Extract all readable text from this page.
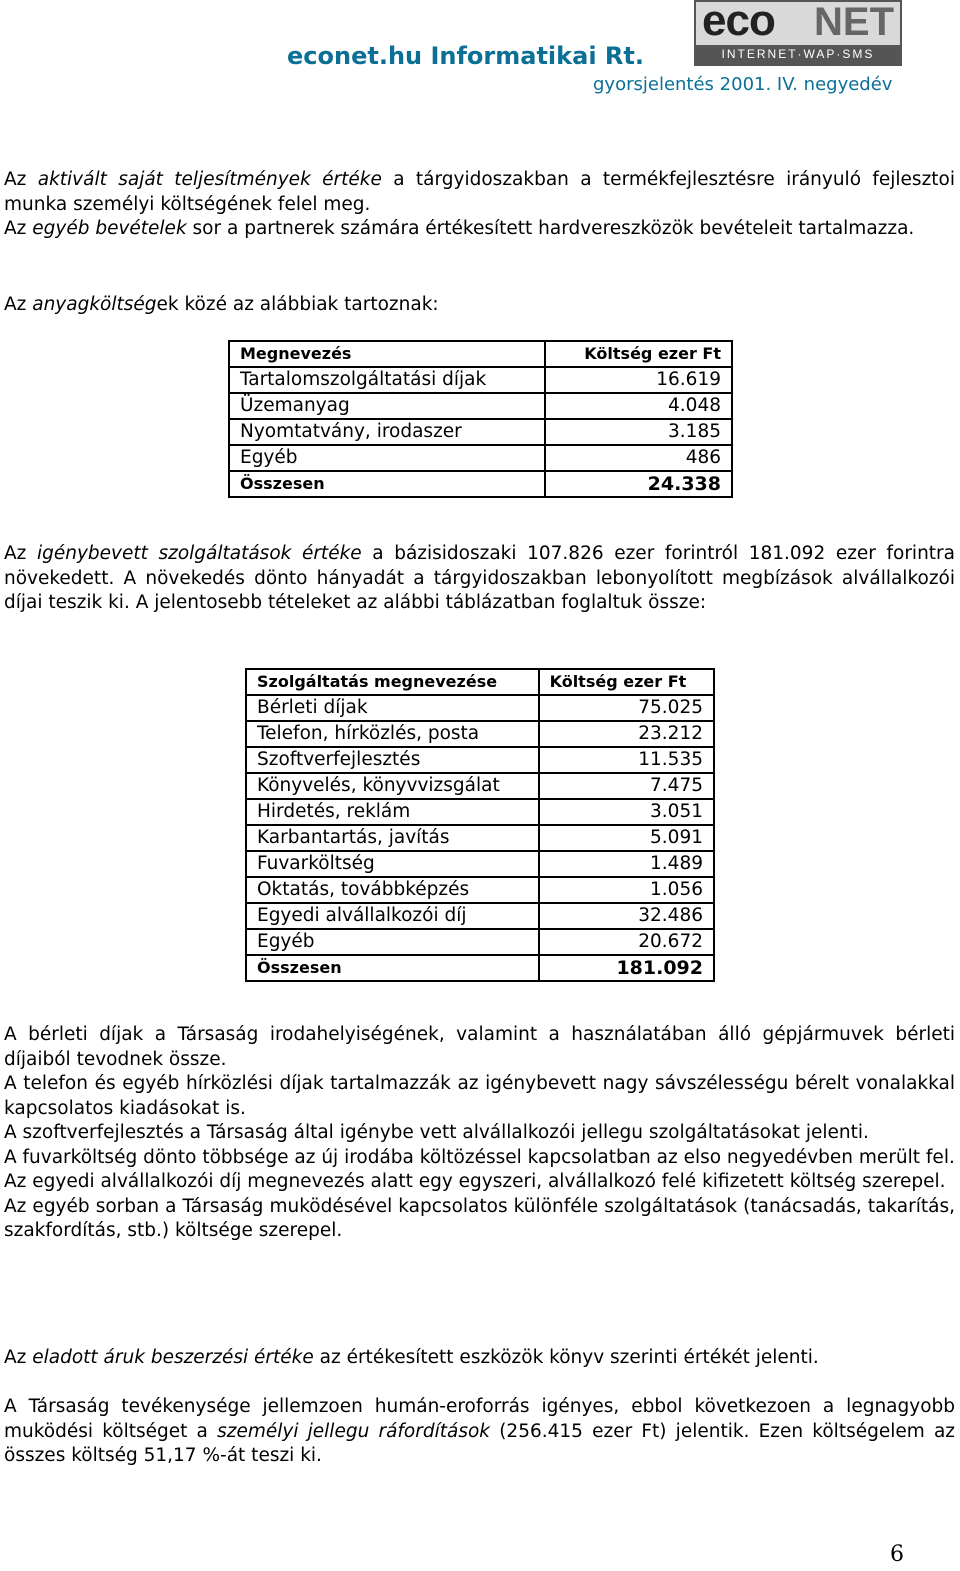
eco NET
INTERNET·WAP·SMS
econet.hu Informatikai Rt.
gyorsjelentés 2001. IV. negyedév

Az aktivált saját teljesítmények értéke a tárgyidoszakban a termékfejlesztésre irányuló fejlesztoi munka személyi költségének felel meg.

Az egyéb bevételek sor a partnerek számára értékesített hardvereszközök bevételeit tartalmazza.

Az anyagköltségek közé az alábbiak tartoznak:

Megnevezés	Költség ezer Ft
Tartalomszolgáltatási díjak	16.619
Üzemanyag	4.048
Nyomtatvány, irodaszer	3.185
Egyéb	486
Összesen	24.338

Az igénybevett szolgáltatások értéke a bázisidoszaki 107.826 ezer forintról 181.092 ezer forintra növekedett. A növekedés dönto hányadát a tárgyidoszakban lebonyolított megbízások alvállalkozói díjai teszik ki. A jelentosebb tételeket az alábbi táblázatban foglaltuk össze:

Szolgáltatás megnevezése	Költség ezer Ft
Bérleti díjak	75.025
Telefon, hírközlés, posta	23.212
Szoftverfejlesztés	11.535
Könyvelés, könyvvizsgálat	7.475
Hirdetés, reklám	3.051
Karbantartás, javítás	5.091
Fuvarköltség	1.489
Oktatás, továbbképzés	1.056
Egyedi alvállalkozói díj	32.486
Egyéb	20.672
Összesen	181.092

A bérleti díjak a Társaság irodahelyiségének, valamint a használatában álló gépjármuvek bérleti díjaiból tevodnek össze.

A telefon és egyéb hírközlési díjak tartalmazzák az igénybevett nagy sávszélességu bérelt vonalakkal kapcsolatos kiadásokat is.

A szoftverfejlesztés a Társaság által igénybe vett alvállalkozói jellegu szolgáltatásokat jelenti.

A fuvarköltség dönto többsége az új irodába költözéssel kapcsolatban az elso negyedévben merült fel.

Az egyedi alvállalkozói díj megnevezés alatt egy egyszeri, alvállalkozó felé kifizetett költség szerepel.

Az egyéb sorban a Társaság muködésével kapcsolatos különféle szolgáltatások (tanácsadás, takarítás, szakfordítás, stb.) költsége szerepel.

Az eladott áruk beszerzési értéke az értékesített eszközök könyv szerinti értékét jelenti.

A Társaság tevékenysége jellemzoen humán-eroforrás igényes, ebbol következoen a legnagyobb muködési költséget a személyi jellegu ráfordítások (256.415 ezer Ft) jelentik. Ezen költségelem az összes költség 51,17 %-át teszi ki.

6
